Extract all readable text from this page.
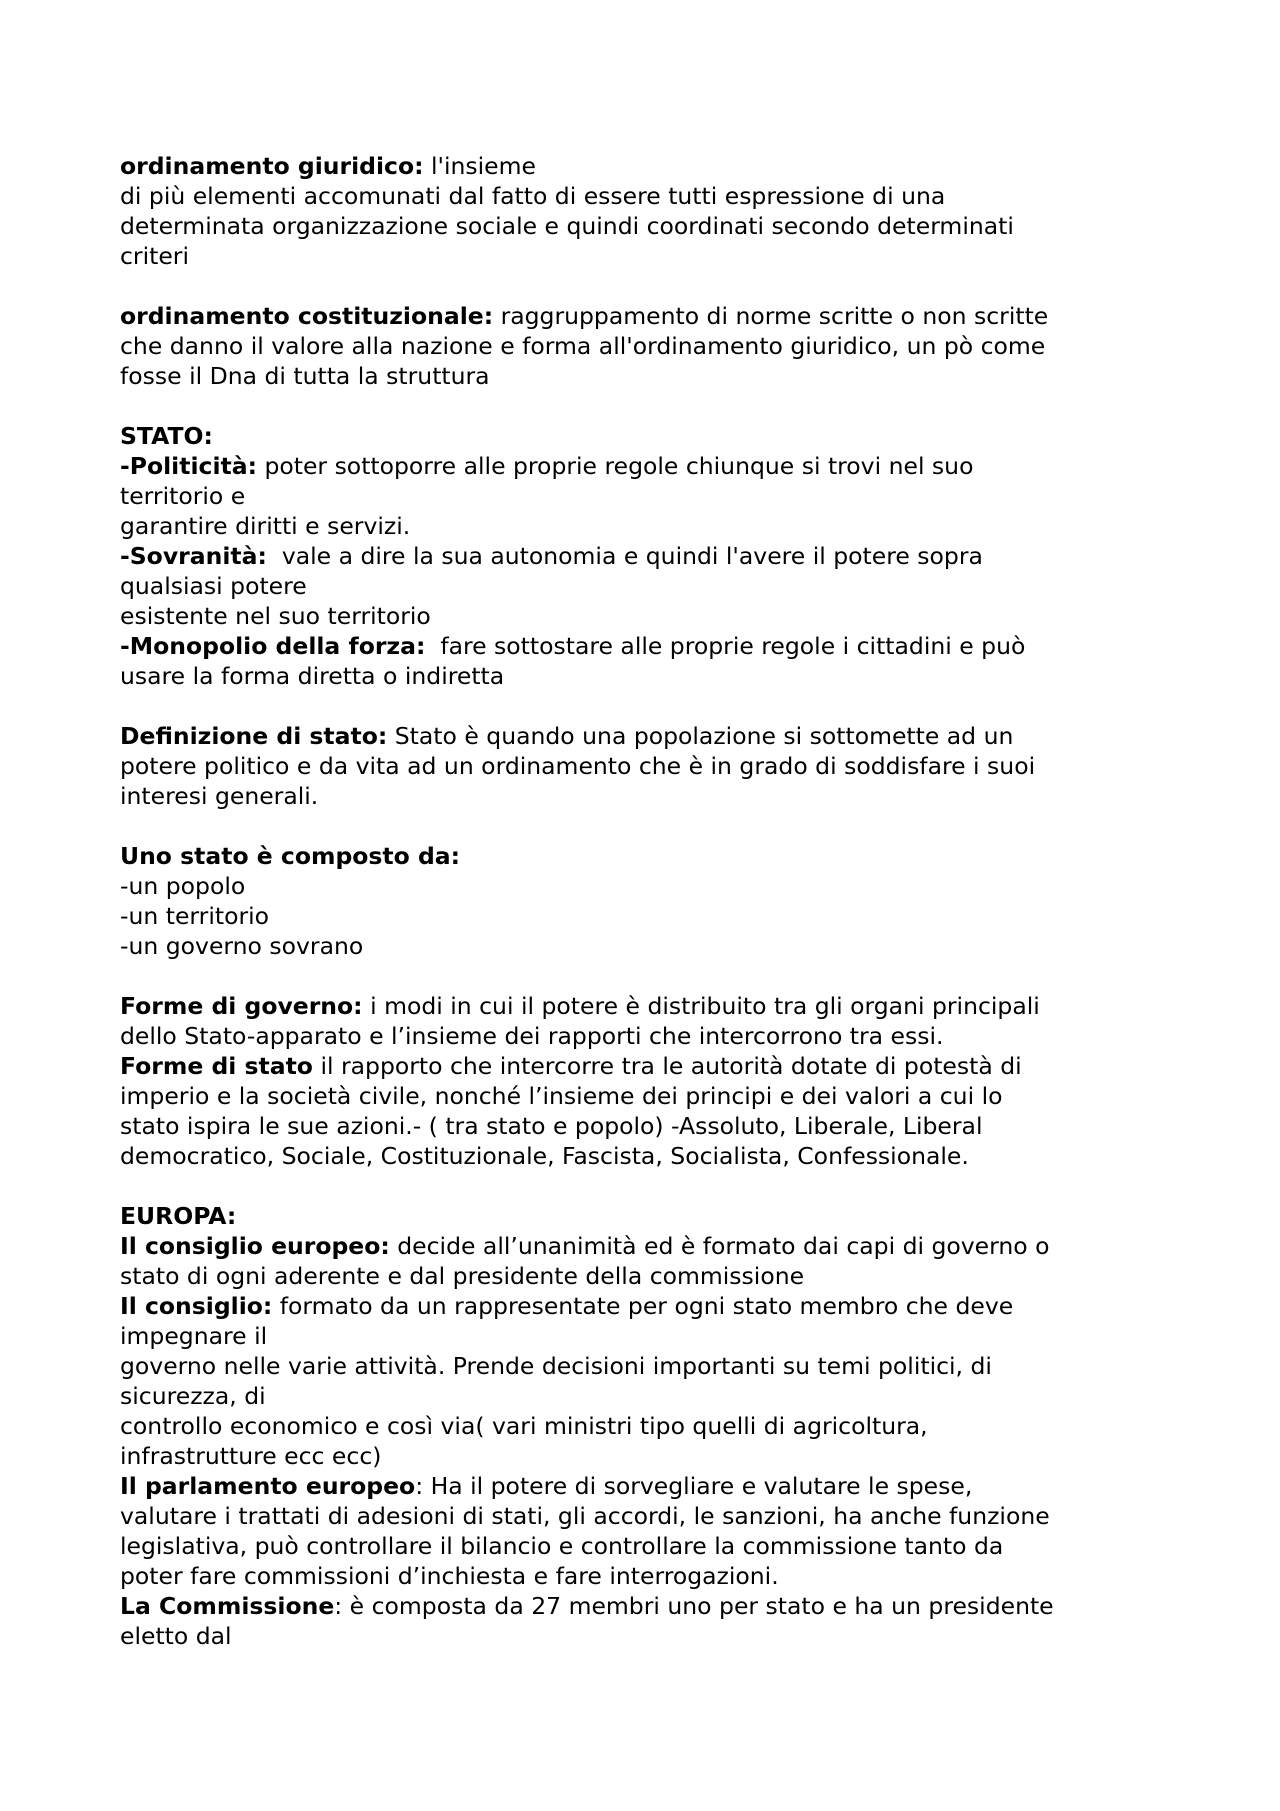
ordinamento giuridico: l'insieme
di più elementi accomunati dal fatto di essere tutti espressione di una
determinata organizzazione sociale e quindi coordinati secondo determinati
criteri
ordinamento costituzionale: raggruppamento di norme scritte o non scritte
che danno il valore alla nazione e forma all'ordinamento giuridico, un pò come
fosse il Dna di tutta la struttura
STATO:
-Politicità: poter sottoporre alle proprie regole chiunque si trovi nel suo
territorio e
garantire diritti e servizi.
-Sovranità:  vale a dire la sua autonomia e quindi l'avere il potere sopra
qualsiasi potere
esistente nel suo territorio
-Monopolio della forza:  fare sottostare alle proprie regole i cittadini e può
usare la forma diretta o indiretta
Definizione di stato: Stato è quando una popolazione si sottomette ad un
potere politico e da vita ad un ordinamento che è in grado di soddisfare i suoi
interesi generali.
Uno stato è composto da:
-un popolo
-un territorio
-un governo sovrano
Forme di governo: i modi in cui il potere è distribuito tra gli organi principali
dello Stato-apparato e l’insieme dei rapporti che intercorrono tra essi.
Forme di stato il rapporto che intercorre tra le autorità dotate di potestà di
imperio e la società civile, nonché l’insieme dei principi e dei valori a cui lo
stato ispira le sue azioni.- ( tra stato e popolo) -Assoluto, Liberale, Liberal
democratico, Sociale, Costituzionale, Fascista, Socialista, Confessionale.
EUROPA:
Il consiglio europeo: decide all’unanimità ed è formato dai capi di governo o
stato di ogni aderente e dal presidente della commissione
Il consiglio: formato da un rappresentate per ogni stato membro che deve
impegnare il
governo nelle varie attività. Prende decisioni importanti su temi politici, di
sicurezza, di
controllo economico e così via( vari ministri tipo quelli di agricoltura,
infrastrutture ecc ecc)
Il parlamento europeo: Ha il potere di sorvegliare e valutare le spese,
valutare i trattati di adesioni di stati, gli accordi, le sanzioni, ha anche funzione
legislativa, può controllare il bilancio e controllare la commissione tanto da
poter fare commissioni d’inchiesta e fare interrogazioni.
La Commissione: è composta da 27 membri uno per stato e ha un presidente
eletto dal
